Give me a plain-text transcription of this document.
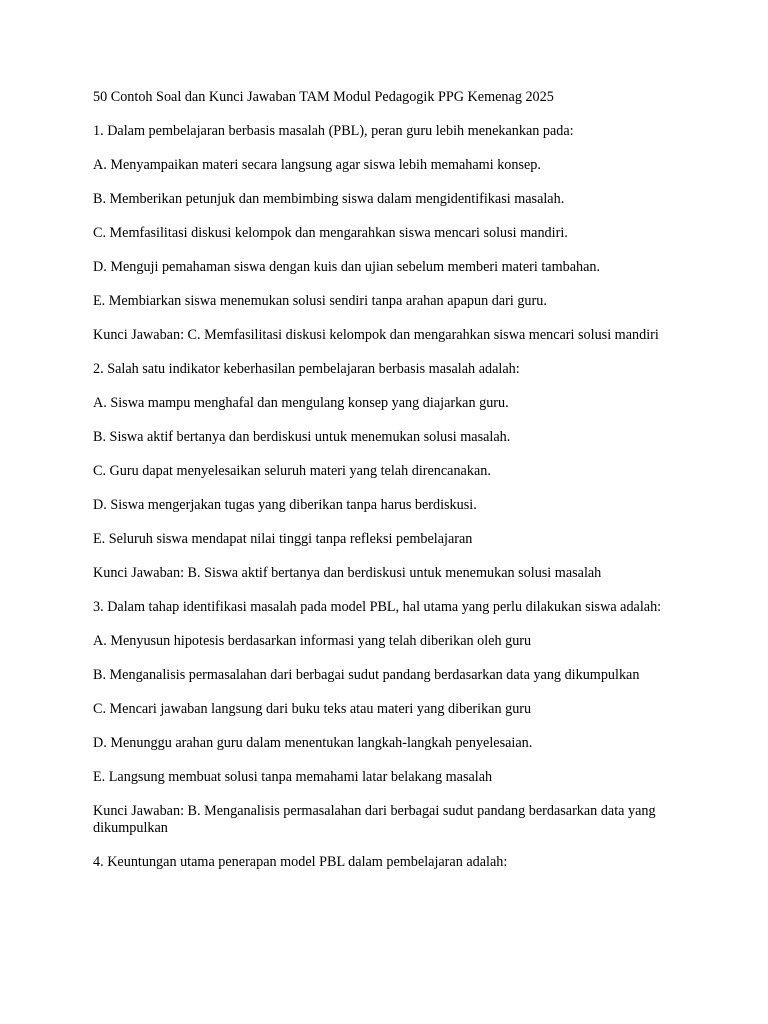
50 Contoh Soal dan Kunci Jawaban TAM Modul Pedagogik PPG Kemenag 2025

1. Dalam pembelajaran berbasis masalah (PBL), peran guru lebih menekankan pada:

A. Menyampaikan materi secara langsung agar siswa lebih memahami konsep.

B. Memberikan petunjuk dan membimbing siswa dalam mengidentifikasi masalah.

C. Memfasilitasi diskusi kelompok dan mengarahkan siswa mencari solusi mandiri.

D. Menguji pemahaman siswa dengan kuis dan ujian sebelum memberi materi tambahan.

E. Membiarkan siswa menemukan solusi sendiri tanpa arahan apapun dari guru.

Kunci Jawaban: C. Memfasilitasi diskusi kelompok dan mengarahkan siswa mencari solusi mandiri

2. Salah satu indikator keberhasilan pembelajaran berbasis masalah adalah:

A. Siswa mampu menghafal dan mengulang konsep yang diajarkan guru.

B. Siswa aktif bertanya dan berdiskusi untuk menemukan solusi masalah.

C. Guru dapat menyelesaikan seluruh materi yang telah direncanakan.

D. Siswa mengerjakan tugas yang diberikan tanpa harus berdiskusi.

E. Seluruh siswa mendapat nilai tinggi tanpa refleksi pembelajaran

Kunci Jawaban: B. Siswa aktif bertanya dan berdiskusi untuk menemukan solusi masalah

3. Dalam tahap identifikasi masalah pada model PBL, hal utama yang perlu dilakukan siswa adalah:

A. Menyusun hipotesis berdasarkan informasi yang telah diberikan oleh guru

B. Menganalisis permasalahan dari berbagai sudut pandang berdasarkan data yang dikumpulkan

C. Mencari jawaban langsung dari buku teks atau materi yang diberikan guru

D. Menunggu arahan guru dalam menentukan langkah-langkah penyelesaian.

E. Langsung membuat solusi tanpa memahami latar belakang masalah

Kunci Jawaban: B. Menganalisis permasalahan dari berbagai sudut pandang berdasarkan data yang dikumpulkan

4. Keuntungan utama penerapan model PBL dalam pembelajaran adalah:
